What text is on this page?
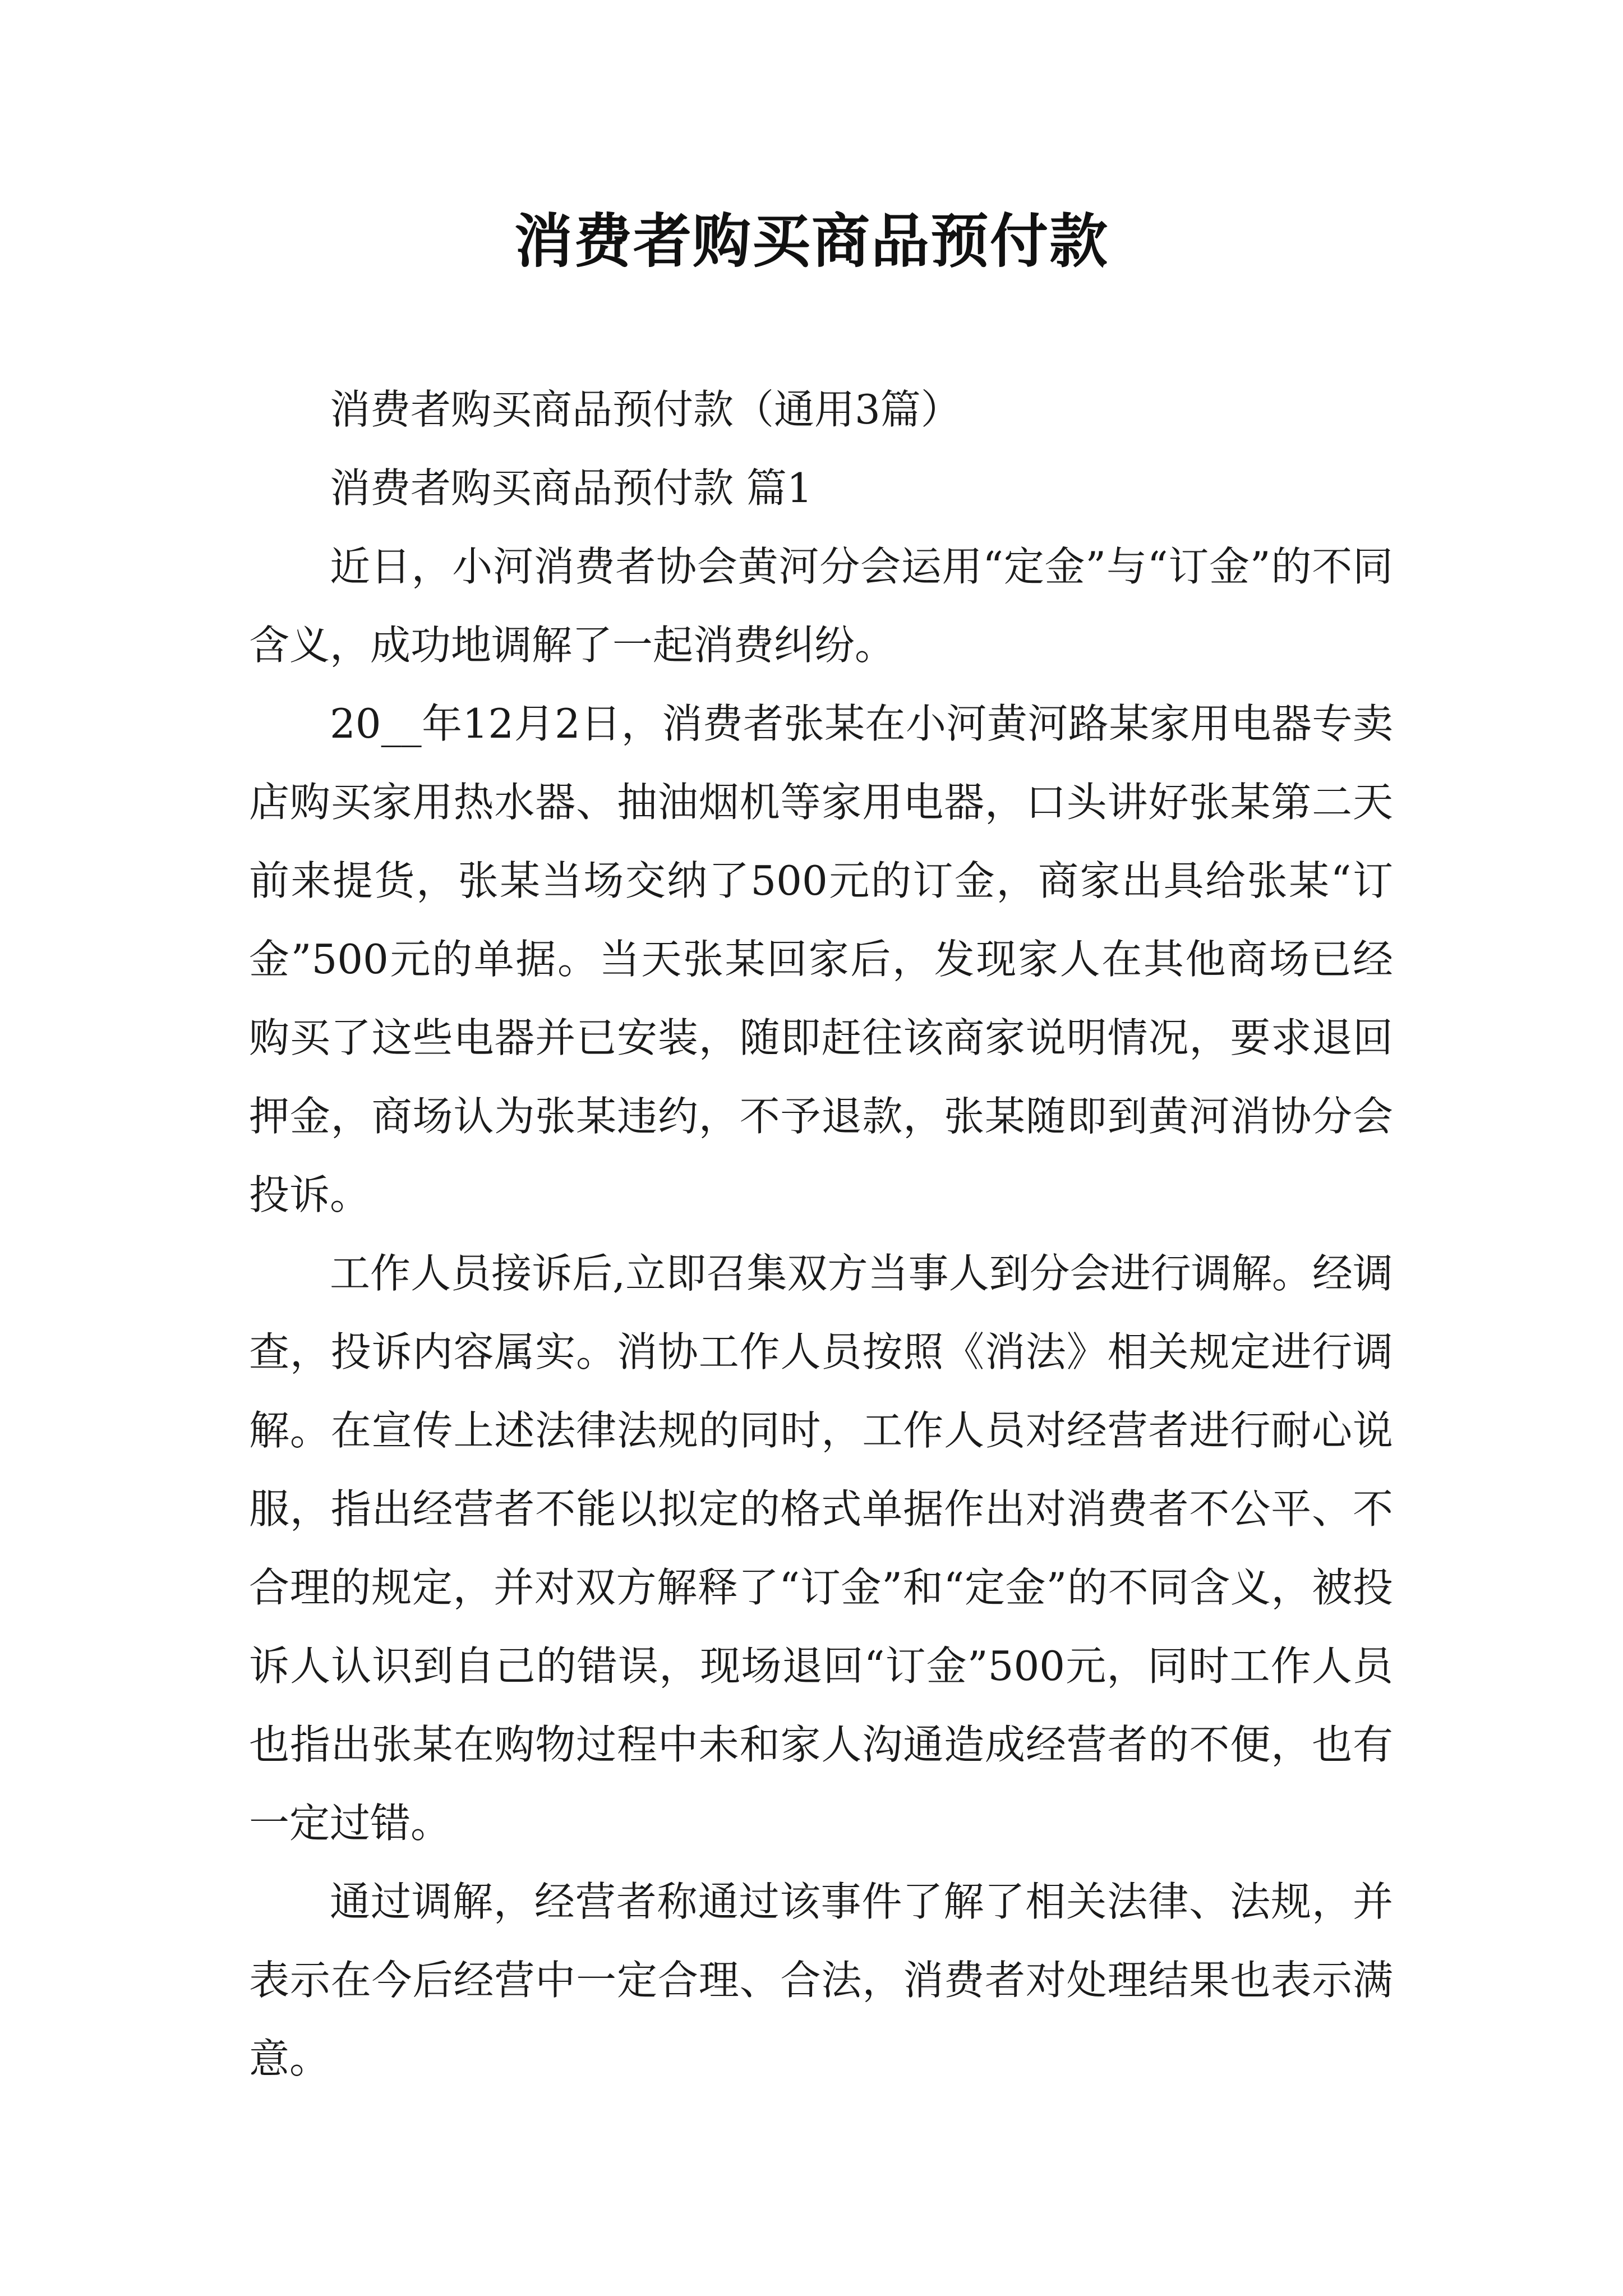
消费者购买商品预付款

消费者购买商品预付款（通用3篇）

消费者购买商品预付款 篇1

近日，小河消费者协会黄河分会运用“定金”与“订金”的不同含义，成功地调解了一起消费纠纷。

20__年12月2日，消费者张某在小河黄河路某家用电器专卖店购买家用热水器、抽油烟机等家用电器，口头讲好张某第二天前来提货，张某当场交纳了500元的订金，商家出具给张某“订金”500元的单据。当天张某回家后，发现家人在其他商场已经购买了这些电器并已安装，随即赶往该商家说明情况，要求退回押金，商场认为张某违约，不予退款，张某随即到黄河消协分会投诉。

工作人员接诉后,立即召集双方当事人到分会进行调解。经调查，投诉内容属实。消协工作人员按照《消法》相关规定进行调解。在宣传上述法律法规的同时，工作人员对经营者进行耐心说服，指出经营者不能以拟定的格式单据作出对消费者不公平、不合理的规定，并对双方解释了“订金”和“定金”的不同含义，被投诉人认识到自己的错误，现场退回“订金”500元，同时工作人员也指出张某在购物过程中未和家人沟通造成经营者的不便，也有一定过错。

通过调解，经营者称通过该事件了解了相关法律、法规，并表示在今后经营中一定合理、合法，消费者对处理结果也表示满意。
